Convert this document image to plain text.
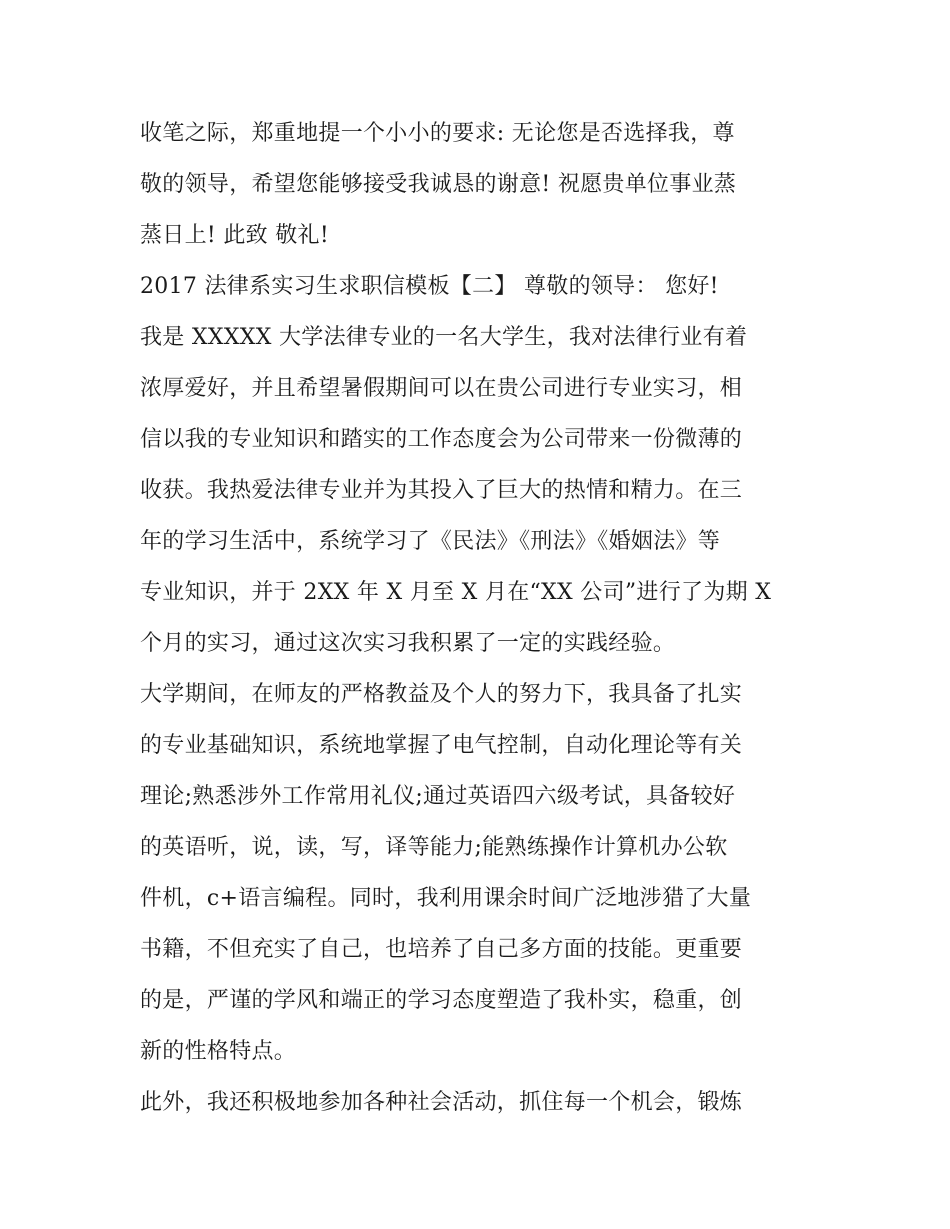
收笔之际，郑重地提一个小小的要求: 无论您是否选择我，尊
敬的领导，希望您能够接受我诚恳的谢意! 祝愿贵单位事业蒸
蒸日上! 此致 敬礼!
2017 法律系实习生求职信模板【二】 尊敬的领导： 您好!
我是 XXXXX 大学法律专业的一名大学生，我对法律行业有着
浓厚爱好，并且希望暑假期间可以在贵公司进行专业实习，相
信以我的专业知识和踏实的工作态度会为公司带来一份微薄的
收获。我热爱法律专业并为其投入了巨大的热情和精力。在三
年的学习生活中，系统学习了《民法》《刑法》《婚姻法》等
专业知识，并于 2XX 年 X 月至 X 月在“XX 公司”进行了为期 X
个月的实习，通过这次实习我积累了一定的实践经验。
大学期间，在师友的严格教益及个人的努力下，我具备了扎实
的专业基础知识，系统地掌握了电气控制，自动化理论等有关
理论;熟悉涉外工作常用礼仪;通过英语四六级考试，具备较好
的英语听，说，读，写，译等能力;能熟练操作计算机办公软
件机，c+语言编程。同时，我利用课余时间广泛地涉猎了大量
书籍，不但充实了自己，也培养了自己多方面的技能。更重要
的是，严谨的学风和端正的学习态度塑造了我朴实，稳重，创
新的性格特点。
此外，我还积极地参加各种社会活动，抓住每一个机会，锻炼
